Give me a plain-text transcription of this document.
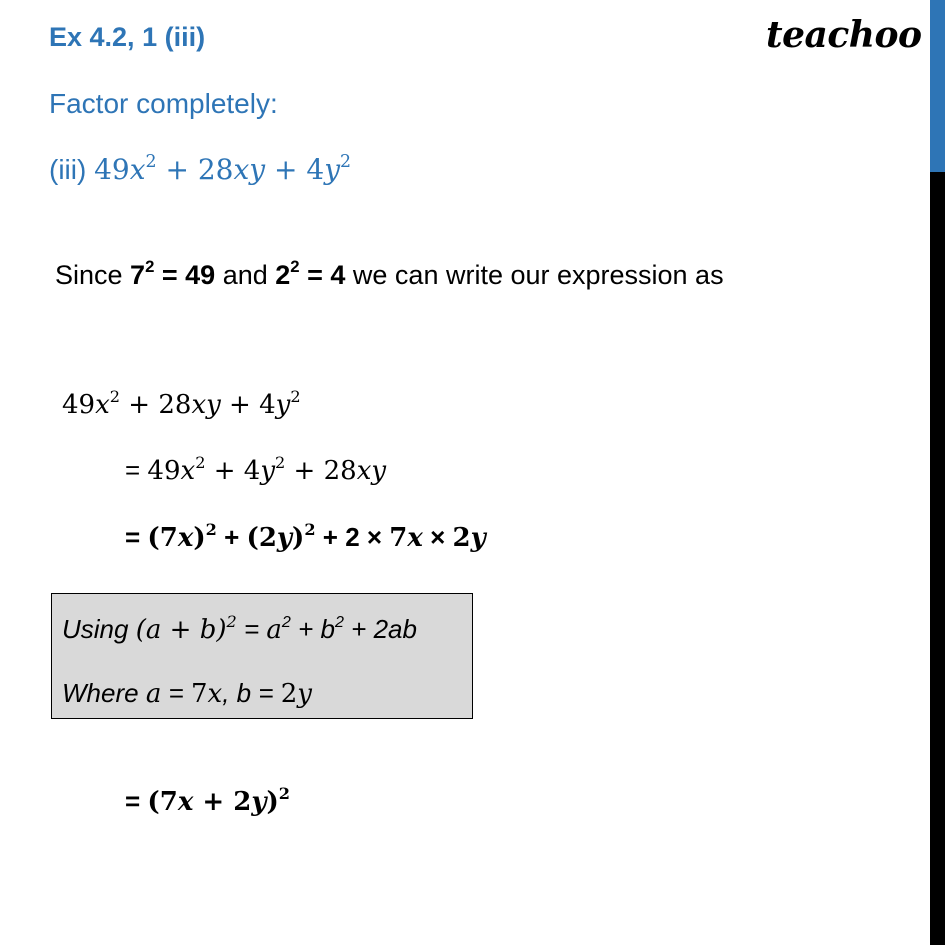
Ex 4.2, 1 (iii)	teachoo
Factor completely:
(iii) $49x^2 + 28xy + 4y^2$
Since $7^2 = 49$ and $2^2 = 4$ we can write our expression as
$49x^2 + 28xy + 4y^2$
= $49x^2 + 4y^2 + 28xy$
= $(7x)^2 + (2y)^2 + 2 \times 7x \times 2y$
Using $(a + b)^2 = a^2 + b^2 + 2ab$
Where a = 7x, b = 2y
= $(7x + 2y)^2$
